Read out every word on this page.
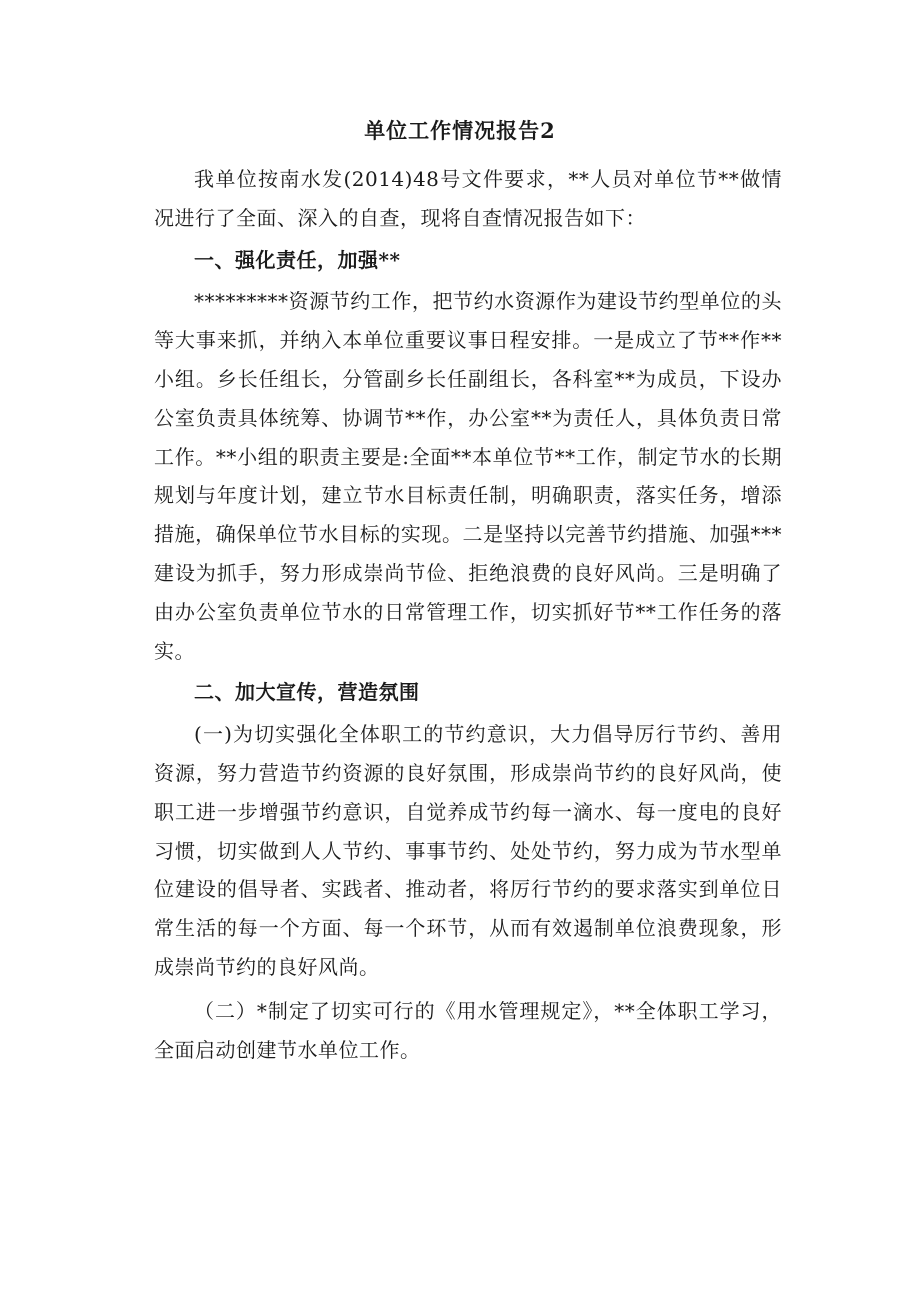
单位工作情况报告2

我单位按南水发(2014)48号文件要求，**人员对单位节**做情况进行了全面、深入的自查，现将自查情况报告如下：

一、强化责任，加强**

*********资源节约工作，把节约水资源作为建设节约型单位的头等大事来抓，并纳入本单位重要议事日程安排。一是成立了节**作**小组。乡长任组长，分管副乡长任副组长，各科室**为成员，下设办公室负责具体统筹、协调节**作，办公室**为责任人，具体负责日常工作。**小组的职责主要是:全面**本单位节**工作，制定节水的长期规划与年度计划，建立节水目标责任制，明确职责，落实任务，增添措施，确保单位节水目标的实现。二是坚持以完善节约措施、加强***建设为抓手，努力形成崇尚节俭、拒绝浪费的良好风尚。三是明确了由办公室负责单位节水的日常管理工作，切实抓好节**工作任务的落实。

二、加大宣传，营造氛围

(一)为切实强化全体职工的节约意识，大力倡导厉行节约、善用资源，努力营造节约资源的良好氛围，形成崇尚节约的良好风尚，使职工进一步增强节约意识，自觉养成节约每一滴水、每一度电的良好习惯，切实做到人人节约、事事节约、处处节约，努力成为节水型单位建设的倡导者、实践者、推动者，将厉行节约的要求落实到单位日常生活的每一个方面、每一个环节，从而有效遏制单位浪费现象，形成崇尚节约的良好风尚。

（二）*制定了切实可行的《用水管理规定》，**全体职工学习，全面启动创建节水单位工作。
